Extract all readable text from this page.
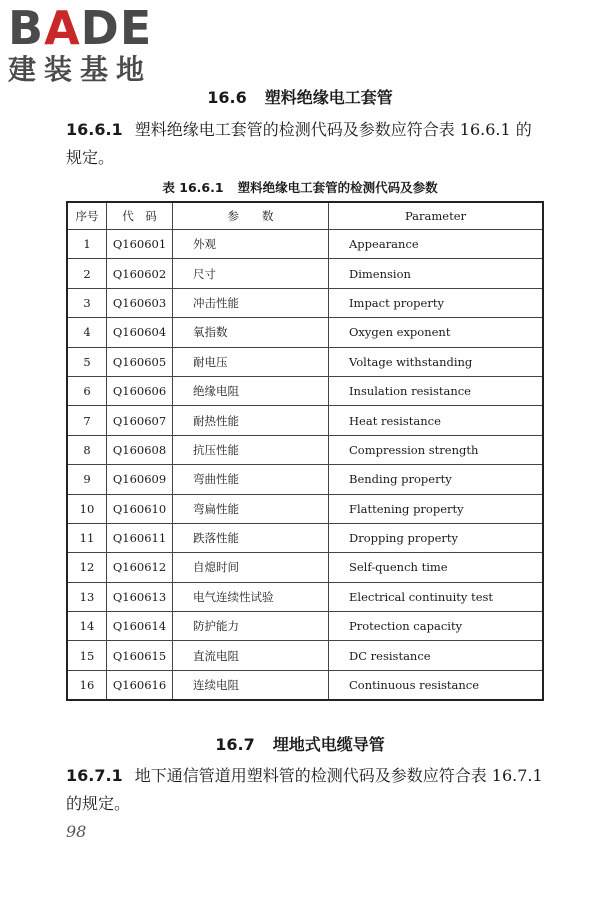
BADE
建装基地
16.6 塑料绝缘电工套管
16.6.1 塑料绝缘电工套管的检测代码及参数应符合表 16.6.1 的规定。
表 16.6.1 塑料绝缘电工套管的检测代码及参数
序号	代　码	参　　数	Parameter
1	Q160601	外观	Appearance
2	Q160602	尺寸	Dimension
3	Q160603	冲击性能	Impact property
4	Q160604	氧指数	Oxygen exponent
5	Q160605	耐电压	Voltage withstanding
6	Q160606	绝缘电阻	Insulation resistance
7	Q160607	耐热性能	Heat resistance
8	Q160608	抗压性能	Compression strength
9	Q160609	弯曲性能	Bending property
10	Q160610	弯扁性能	Flattening property
11	Q160611	跌落性能	Dropping property
12	Q160612	自熄时间	Self-quench time
13	Q160613	电气连续性试验	Electrical continuity test
14	Q160614	防护能力	Protection capacity
15	Q160615	直流电阻	DC resistance
16	Q160616	连续电阻	Continuous resistance
16.7 埋地式电缆导管
16.7.1 地下通信管道用塑料管的检测代码及参数应符合表 16.7.1 的规定。
98
